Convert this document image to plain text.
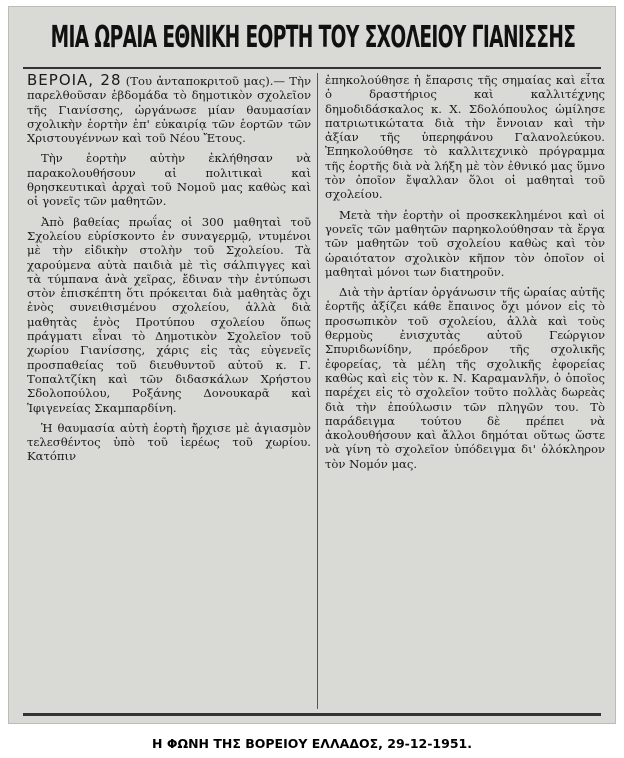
ΜΙΑ ΩΡΑΙΑ ΕΘΝΙΚΗ ΕΟΡΤΗ ΤΟΥ ΣΧΟΛΕΙΟΥ ΓΙΑΝΙΣΣΗΣ

ΒΕΡΟΙΑ, 28 (Του ἀνταποκριτοῦ μας).— Τὴν παρελθοῦσαν ἑβδομάδα τὸ δημοτικὸν σχολεῖον τῆς Γιανίσσης, ὠργάνωσε μίαν θαυμασίαν σχολικὴν ἑορτὴν ἐπ' εὐκαιρίᾳ τῶν ἑορτῶν τῶν Χριστουγέννων καὶ τοῦ Νέου Ἔτους.

Τὴν ἑορτὴν αὐτὴν ἐκλήθησαν νὰ παρακολουθήσουν αἱ πολιτικαὶ καὶ θρησκευτικαὶ ἀρχαὶ τοῦ Νομοῦ μας καθὼς καὶ οἱ γονεῖς τῶν μαθητῶν.

Ἀπὸ βαθείας πρωΐας οἱ 300 μαθηταὶ τοῦ Σχολείου εὑρίσκοντο ἐν συναγερμῷ, ντυμένοι μὲ τὴν εἰδικὴν στολὴν τοῦ Σχολείου. Τὰ χαρούμενα αὐτὰ παιδιὰ μὲ τὶς σάλπιγγες καὶ τὰ τύμπανα ἀνὰ χεῖρας, ἔδιναν τὴν ἐντύπωσι στὸν ἐπισκέπτη ὅτι πρόκειται διὰ μαθητὰς ὄχι ἑνὸς συνειθισμένου σχολείου, ἀλλὰ διὰ μαθητὰς ἑνὸς Προτύπου σχολείου ὅπως πράγματι εἶναι τὸ Δημοτικὸν Σχολεῖον τοῦ χωρίου Γιανίσσης, χάρις εἰς τὰς εὐγενεῖς προσπαθείας τοῦ διευθυντοῦ αὐτοῦ κ. Γ. Τοπαλτζίκη καὶ τῶν διδασκάλων Χρήστου Σδολοπούλου, Ροξάνης Δονουκαρᾶ καὶ Ἰφιγενείας Σκαμπαρδίνη.

Ἡ θαυμασία αὐτὴ ἑορτὴ ἤρχισε μὲ ἁγιασμὸν τελεσθέντος ὑπὸ τοῦ ἱερέως τοῦ χωρίου. Κατόπιν

ἐπηκολούθησε ἡ ἔπαρσις τῆς σημαίας καὶ εἶτα ὁ δραστήριος καὶ καλλιτέχνης δημοδιδάσκαλος κ. Χ. Σδολόπουλος ὡμίλησε πατριωτικώτατα διὰ τὴν ἔννοιαν καὶ τὴν ἀξίαν τῆς ὑπερηφάνου Γαλανολεύκου. Ἐπηκολούθησε τὸ καλλιτεχνικὸ πρόγραμμα τῆς ἑορτῆς διὰ νὰ λήξη μὲ τὸν ἐθνικό μας ὕμνο τὸν ὁποῖον ἔψαλλαν ὅλοι οἱ μαθηταὶ τοῦ σχολείου.

Μετὰ τὴν ἑορτὴν οἱ προσκεκλημένοι καὶ οἱ γονεῖς τῶν μαθητῶν παρηκολούθησαν τὰ ἔργα τῶν μαθητῶν τοῦ σχολείου καθὼς καὶ τὸν ὡραιότατον σχολικὸν κῆπον τὸν ὁποῖον οἱ μαθηταὶ μόνοι των διατηροῦν.

Διὰ τὴν ἀρτίαν ὀργάνωσιν τῆς ὡραίας αὐτῆς ἑορτῆς ἀξίζει κάθε ἔπαινος ὄχι μόνον εἰς τὸ προσωπικὸν τοῦ σχολείου, ἀλλὰ καὶ τοὺς θερμοὺς ἐνισχυτὰς αὐτοῦ Γεώργιον Σπυριδωνίδην, πρόεδρον τῆς σχολικῆς ἐφορείας, τὰ μέλη τῆς σχολικῆς ἐφορείας καθὼς καὶ εἰς τὸν κ. Ν. Καραμανλῆν, ὁ ὁποῖος παρέχει εἰς τὸ σχολεῖον τοῦτο πολλὰς δωρεὰς διὰ τὴν ἐπούλωσιν τῶν πληγῶν του. Τὸ παράδειγμα τούτου δὲ πρέπει νὰ ἀκολουθήσουν καὶ ἄλλοι δημόται οὕτως ὥστε νὰ γίνη τὸ σχολεῖον ὑπόδειγμα δι' ὁλόκληρον τὸν Νομόν μας.

Η ΦΩΝΗ ΤΗΣ ΒΟΡΕΙΟΥ ΕΛΛΑΔΟΣ, 29-12-1951.
